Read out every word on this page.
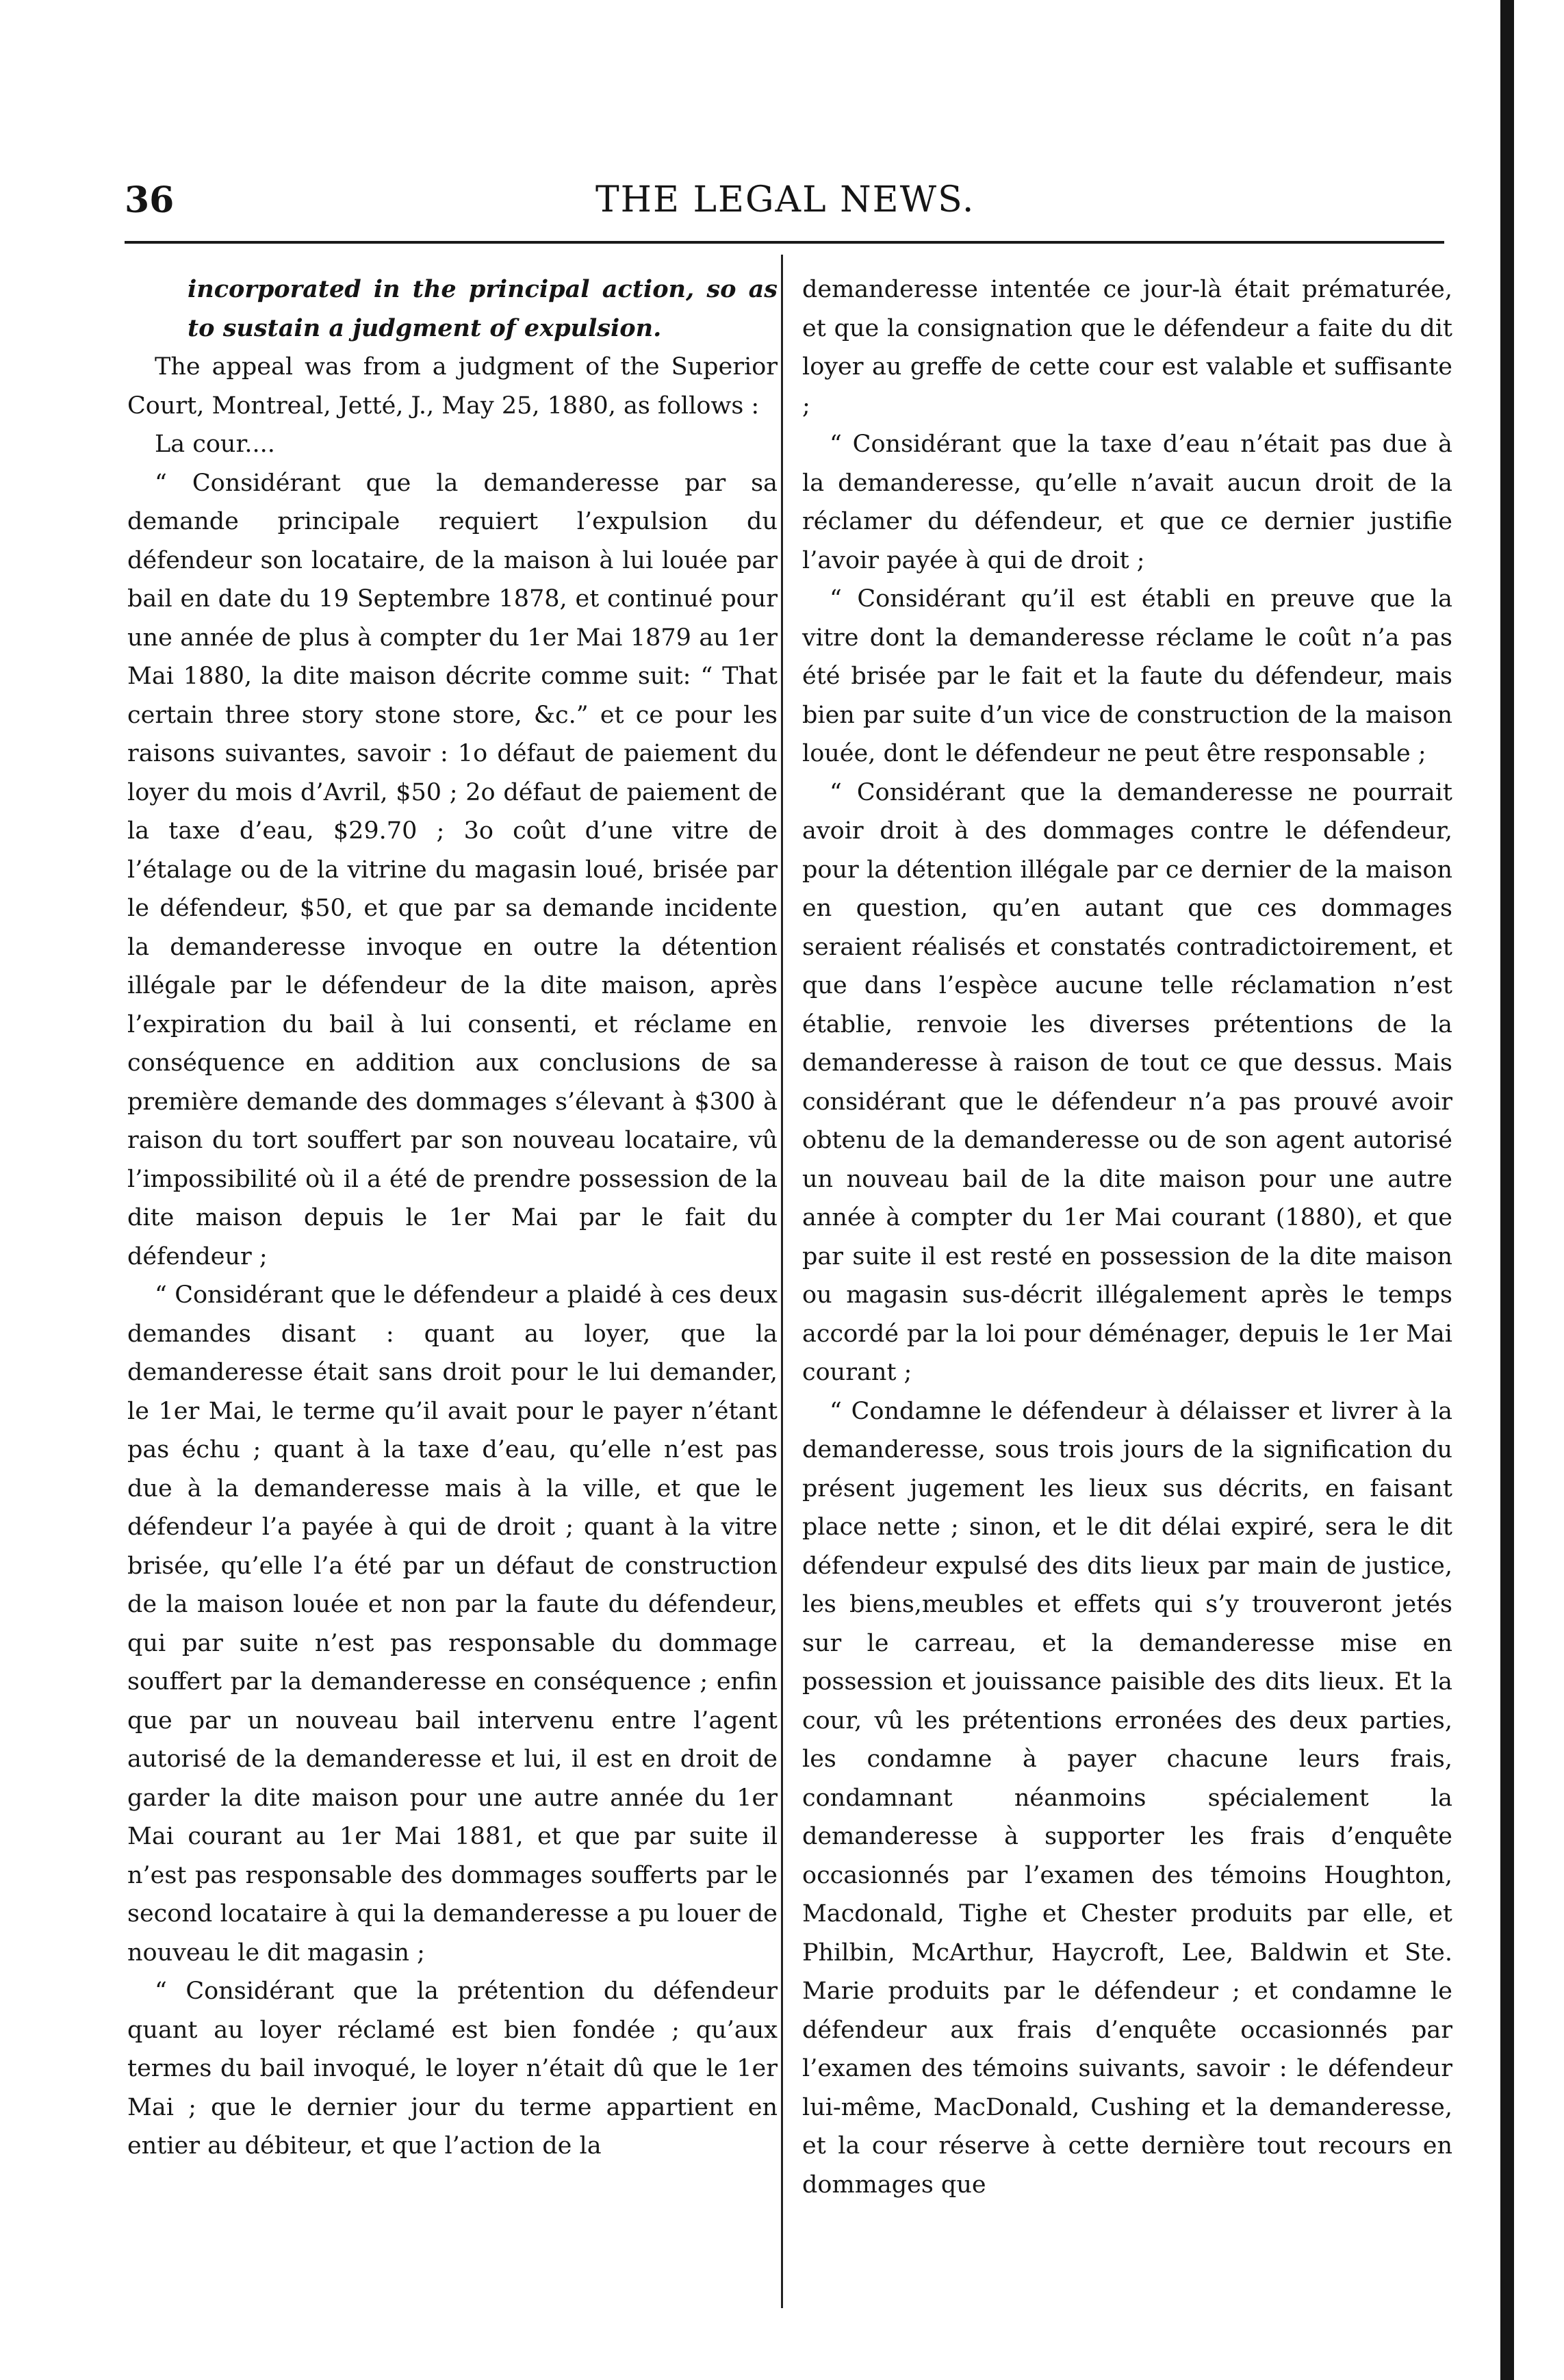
36	THE LEGAL NEWS.

incorporated in the principal action, so as to sustain a judgment of expulsion.

The appeal was from a judgment of the Superior Court, Montreal, Jetté, J., May 25, 1880, as follows :

La cour....

“ Considérant que la demanderesse par sa demande principale requiert l’expulsion du défendeur son locataire, de la maison à lui louée par bail en date du 19 Septembre 1878, et continué pour une année de plus à compter du 1er Mai 1879 au 1er Mai 1880, la dite maison décrite comme suit: “ That certain three story stone store, &c.” et ce pour les raisons suivantes, savoir : 1o défaut de paiement du loyer du mois d’Avril, $50 ; 2o défaut de paiement de la taxe d’eau, $29.70 ; 3o coût d’une vitre de l’étalage ou de la vitrine du magasin loué, brisée par le défendeur, $50, et que par sa demande incidente la demanderesse invoque en outre la détention illégale par le défendeur de la dite maison, après l’expiration du bail à lui consenti, et réclame en conséquence en addition aux conclusions de sa première demande des dommages s’élevant à $300 à raison du tort souffert par son nouveau locataire, vû l’impossibilité où il a été de prendre possession de la dite maison depuis le 1er Mai par le fait du défendeur ;

“ Considérant que le défendeur a plaidé à ces deux demandes disant : quant au loyer, que la demanderesse était sans droit pour le lui demander, le 1er Mai, le terme qu’il avait pour le payer n’étant pas échu ; quant à la taxe d’eau, qu’elle n’est pas due à la demanderesse mais à la ville, et que le défendeur l’a payée à qui de droit ; quant à la vitre brisée, qu’elle l’a été par un défaut de construction de la maison louée et non par la faute du défendeur, qui par suite n’est pas responsable du dommage souffert par la demanderesse en conséquence ; enfin que par un nouveau bail intervenu entre l’agent autorisé de la demanderesse et lui, il est en droit de garder la dite maison pour une autre année du 1er Mai courant au 1er Mai 1881, et que par suite il n’est pas responsable des dommages soufferts par le second locataire à qui la demanderesse a pu louer de nouveau le dit magasin ;

“ Considérant que la prétention du défendeur quant au loyer réclamé est bien fondée ; qu’aux termes du bail invoqué, le loyer n’était dû que le 1er Mai ; que le dernier jour du terme appartient en entier au débiteur, et que l’action de la

demanderesse intentée ce jour-là était prématurée, et que la consignation que le défendeur a faite du dit loyer au greffe de cette cour est valable et suffisante ;

“ Considérant que la taxe d’eau n’était pas due à la demanderesse, qu’elle n’avait aucun droit de la réclamer du défendeur, et que ce dernier justifie l’avoir payée à qui de droit ;

“ Considérant qu’il est établi en preuve que la vitre dont la demanderesse réclame le coût n’a pas été brisée par le fait et la faute du défendeur, mais bien par suite d’un vice de construction de la maison louée, dont le défendeur ne peut être responsable ;

“ Considérant que la demanderesse ne pourrait avoir droit à des dommages contre le défendeur, pour la détention illégale par ce dernier de la maison en question, qu’en autant que ces dommages seraient réalisés et constatés contradictoirement, et que dans l’espèce aucune telle réclamation n’est établie, renvoie les diverses prétentions de la demanderesse à raison de tout ce que dessus. Mais considérant que le défendeur n’a pas prouvé avoir obtenu de la demanderesse ou de son agent autorisé un nouveau bail de la dite maison pour une autre année à compter du 1er Mai courant (1880), et que par suite il est resté en possession de la dite maison ou magasin sus-décrit illégalement après le temps accordé par la loi pour déménager, depuis le 1er Mai courant ;

“ Condamne le défendeur à délaisser et livrer à la demanderesse, sous trois jours de la signification du présent jugement les lieux sus décrits, en faisant place nette ; sinon, et le dit délai expiré, sera le dit défendeur expulsé des dits lieux par main de justice, les biens,meubles et effets qui s’y trouveront jetés sur le carreau, et la demanderesse mise en possession et jouissance paisible des dits lieux. Et la cour, vû les prétentions erronées des deux parties, les condamne à payer chacune leurs frais, condamnant néanmoins spécialement la demanderesse à supporter les frais d’enquête occasionnés par l’examen des témoins Houghton, Macdonald, Tighe et Chester produits par elle, et Philbin, McArthur, Haycroft, Lee, Baldwin et Ste. Marie produits par le défendeur ; et condamne le défendeur aux frais d’enquête occasionnés par l’examen des témoins suivants, savoir : le défendeur lui-même, MacDonald, Cushing et la demanderesse, et la cour réserve à cette dernière tout recours en dommages que
